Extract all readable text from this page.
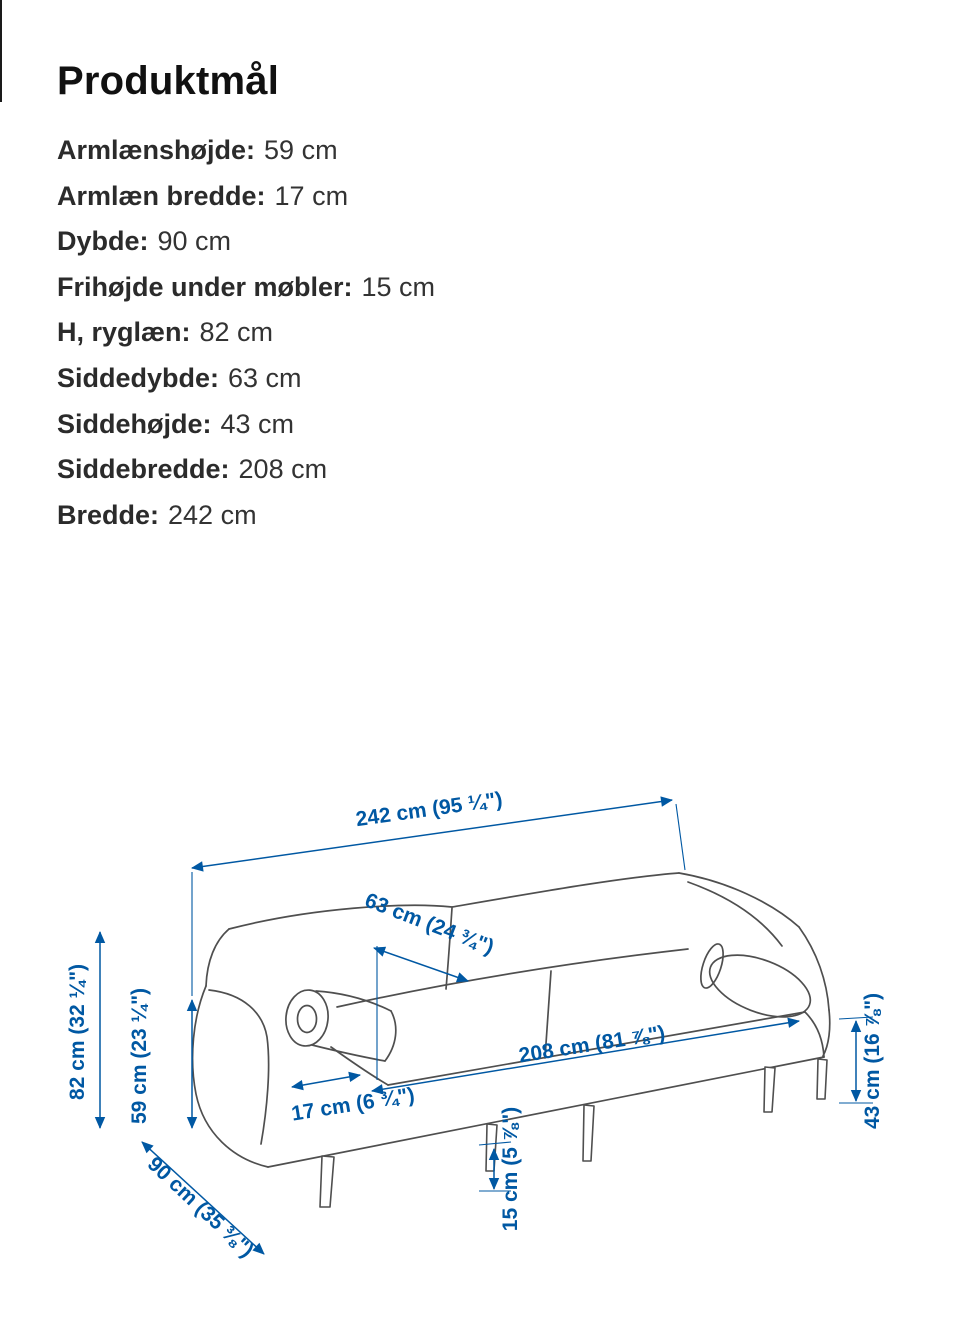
Produktmål
Armlænshøjde: 59 cm
Armlæn bredde: 17 cm
Dybde: 90 cm
Frihøjde under møbler: 15 cm
H, ryglæn: 82 cm
Siddedybde: 63 cm
Siddehøjde: 43 cm
Siddebredde: 208 cm
Bredde: 242 cm
242 cm (95 ¼")
63 cm (24 ¾")
82 cm (32 ¼") 59 cm (23 ¼")
90 cm (35 ⅜")
17 cm (6 ¾")
208 cm (81 ⅞")
15 cm (5 ⅞")
43 cm (16 ⅞")
